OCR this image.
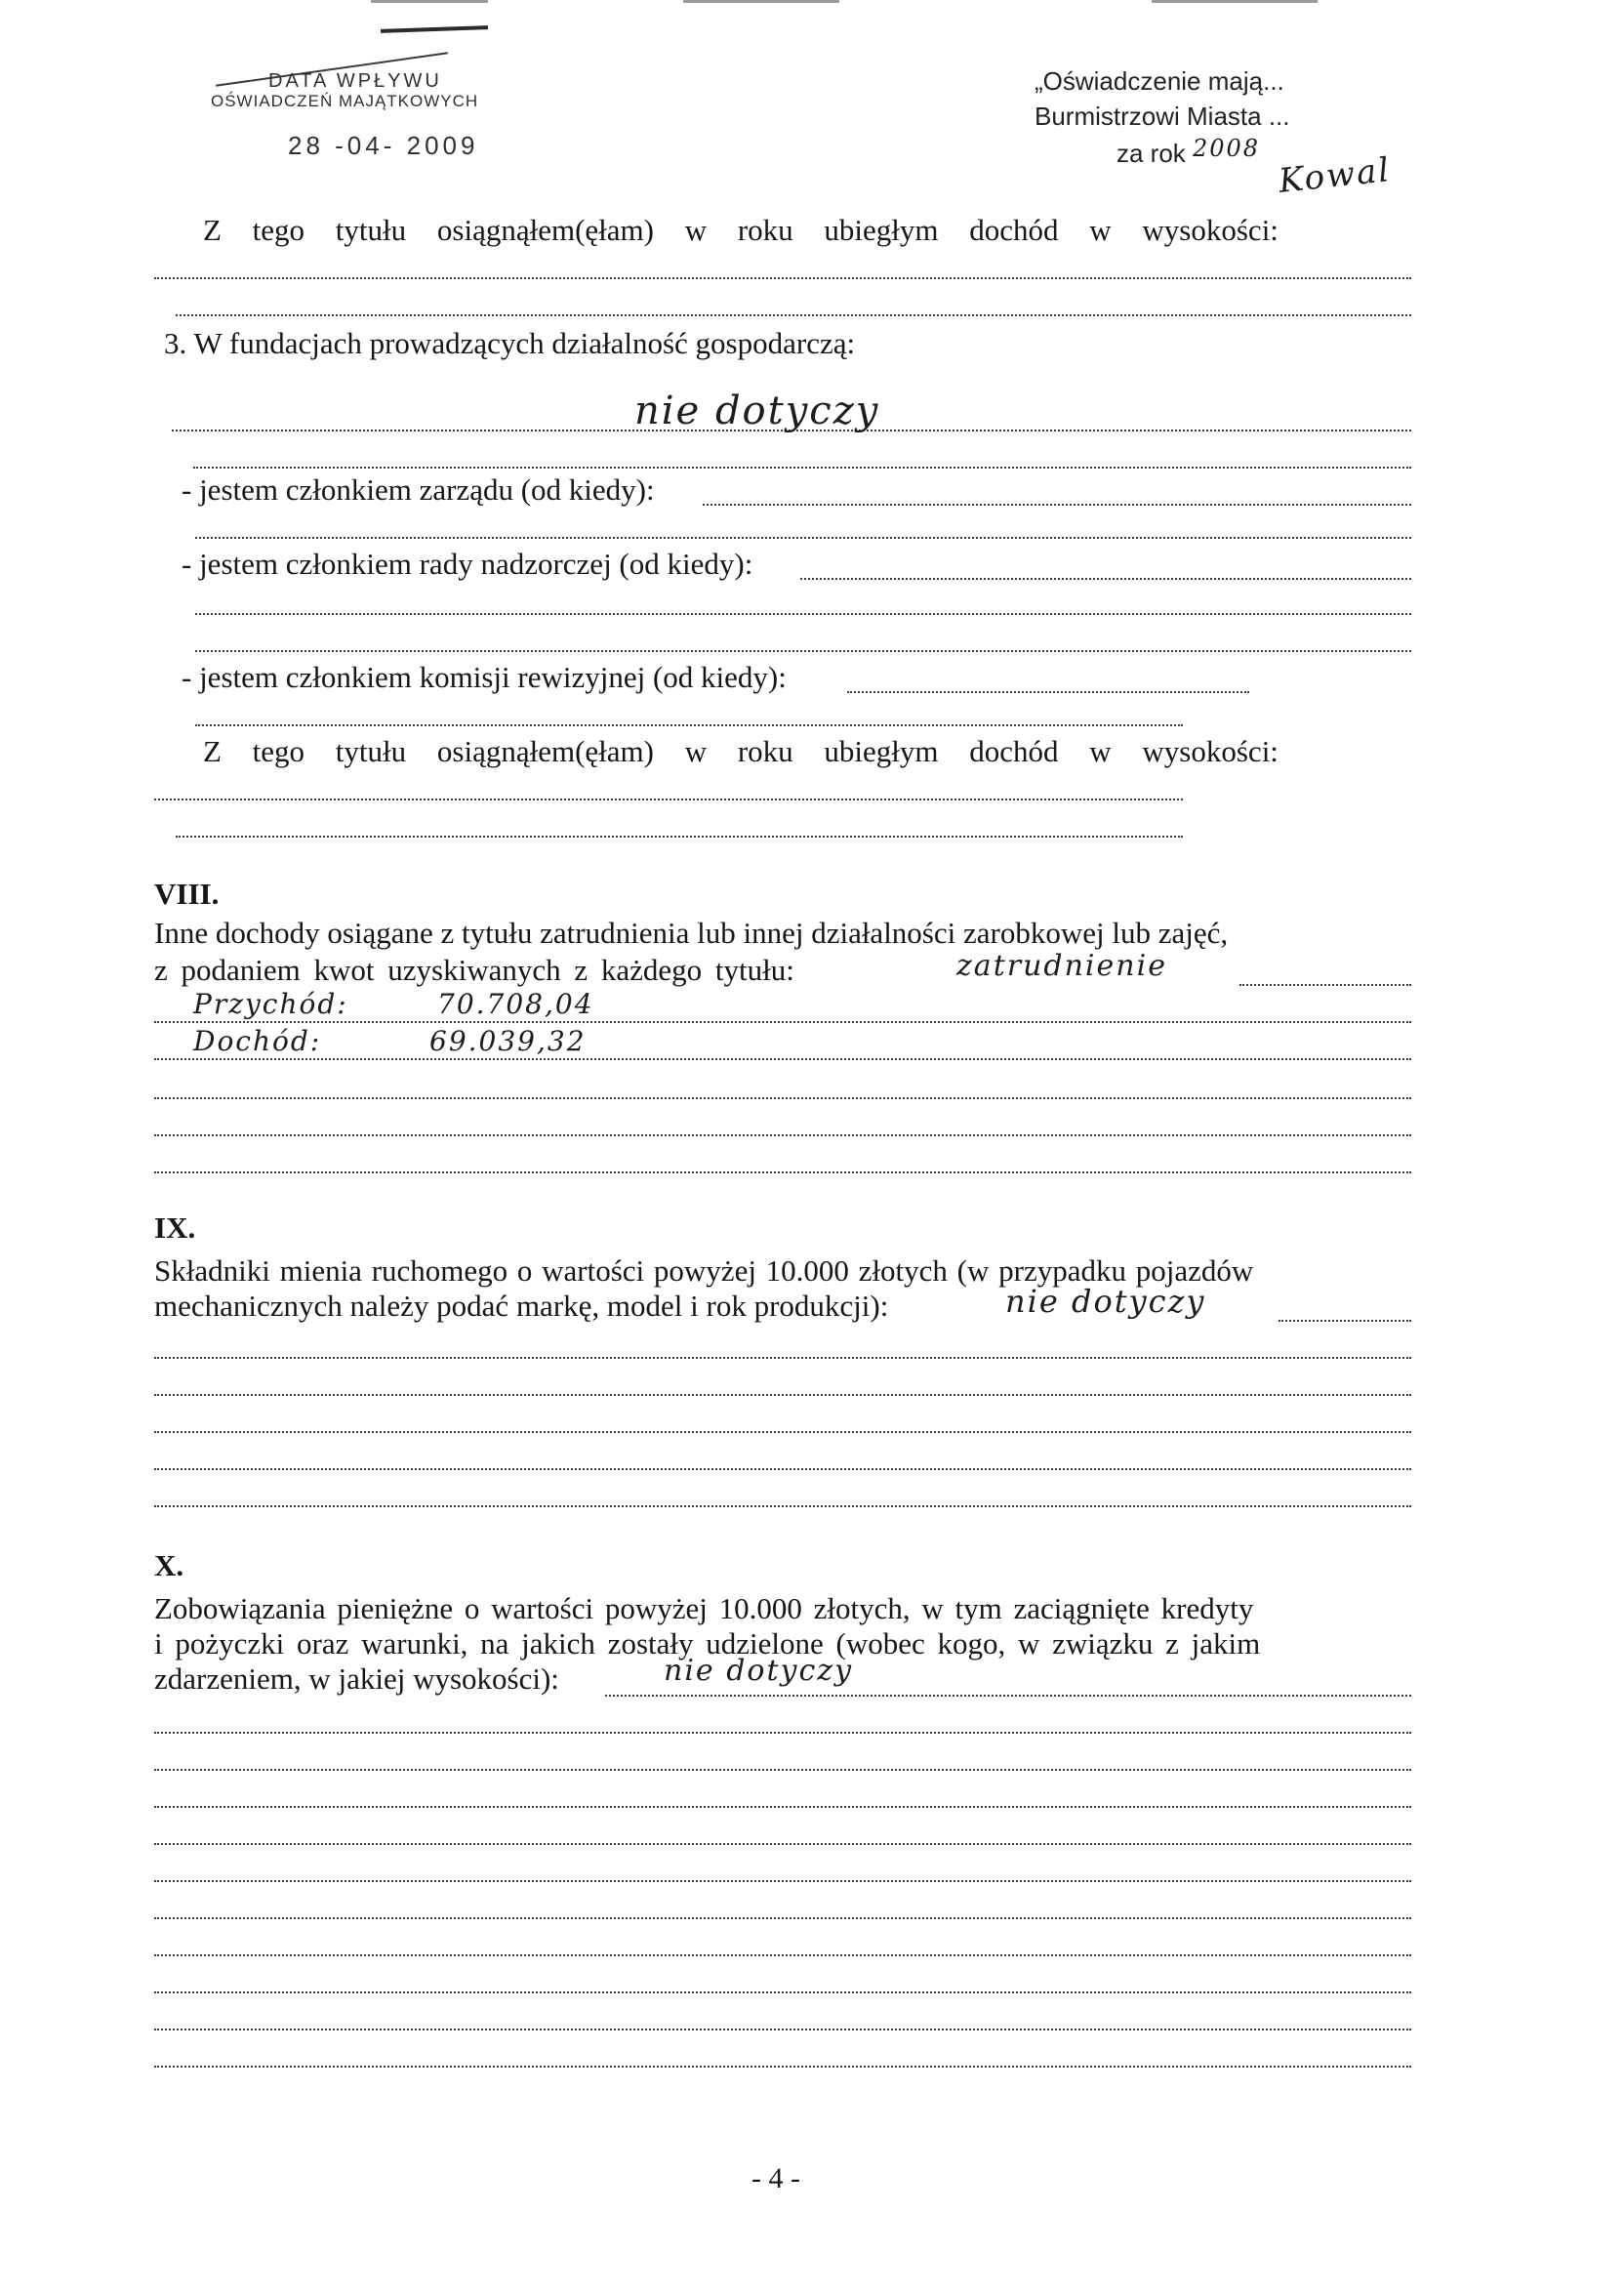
DATA WPŁYWU
OŚWIADCZEŃ MAJĄTKOWYCH
28 -04- 2009
„Oświadczenie mają...
Burmistrzowi Miasta ...
za rok 2008
Kowal
Z tego tytułu osiągnąłem(ęłam) w roku ubiegłym dochód w wysokości:
3. W fundacjach prowadzących działalność gospodarczą:
nie dotyczy
- jestem członkiem zarządu (od kiedy):
- jestem członkiem rady nadzorczej (od kiedy):
- jestem członkiem komisji rewizyjnej (od kiedy):
Z tego tytułu osiągnąłem(ęłam) w roku ubiegłym dochód w wysokości:
VIII.
Inne dochody osiągane z tytułu zatrudnienia lub innej działalności zarobkowej lub zajęć,
z podaniem kwot uzyskiwanych z każdego tytułu:	zatrudnienie
Przychód:	70.708,04
Dochód:	69.039,32
IX.
Składniki mienia ruchomego o wartości powyżej 10.000 złotych (w przypadku pojazdów
mechanicznych należy podać markę, model i rok produkcji):	nie dotyczy
X.
Zobowiązania pieniężne o wartości powyżej 10.000 złotych, w tym zaciągnięte kredyty
i pożyczki oraz warunki, na jakich zostały udzielone (wobec kogo, w związku z jakim
zdarzeniem, w jakiej wysokości):	nie dotyczy
- 4 -
